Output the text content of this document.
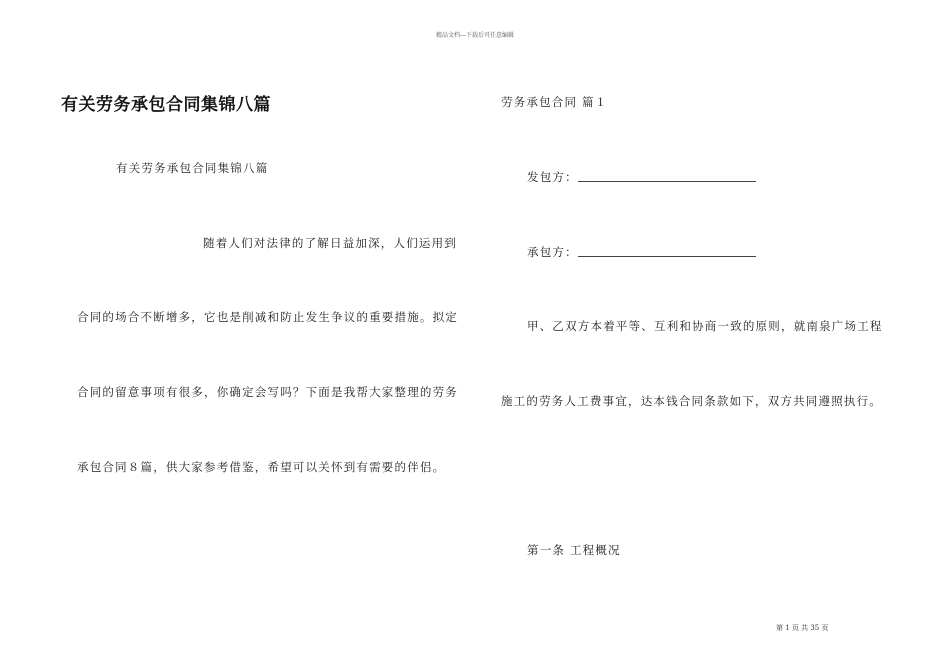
精品文档---下载后可任意编辑
有关劳务承包合同集锦八篇
有关劳务承包合同集锦八篇
随着人们对法律的了解日益加深，人们运用到
合同的场合不断增多，它也是削减和防止发生争议的重要措施。拟定
合同的留意事项有很多，你确定会写吗？下面是我帮大家整理的劳务
承包合同８篇，供大家参考借鉴，希望可以关怀到有需要的伴侣。
劳务承包合同 篇１
发包方：
承包方：
甲、乙双方本着平等、互利和协商一致的原则，就南泉广场工程
施工的劳务人工费事宜，达本钱合同条款如下，双方共同遵照执行。
第一条 工程概况
第 1 页 共 35 页
